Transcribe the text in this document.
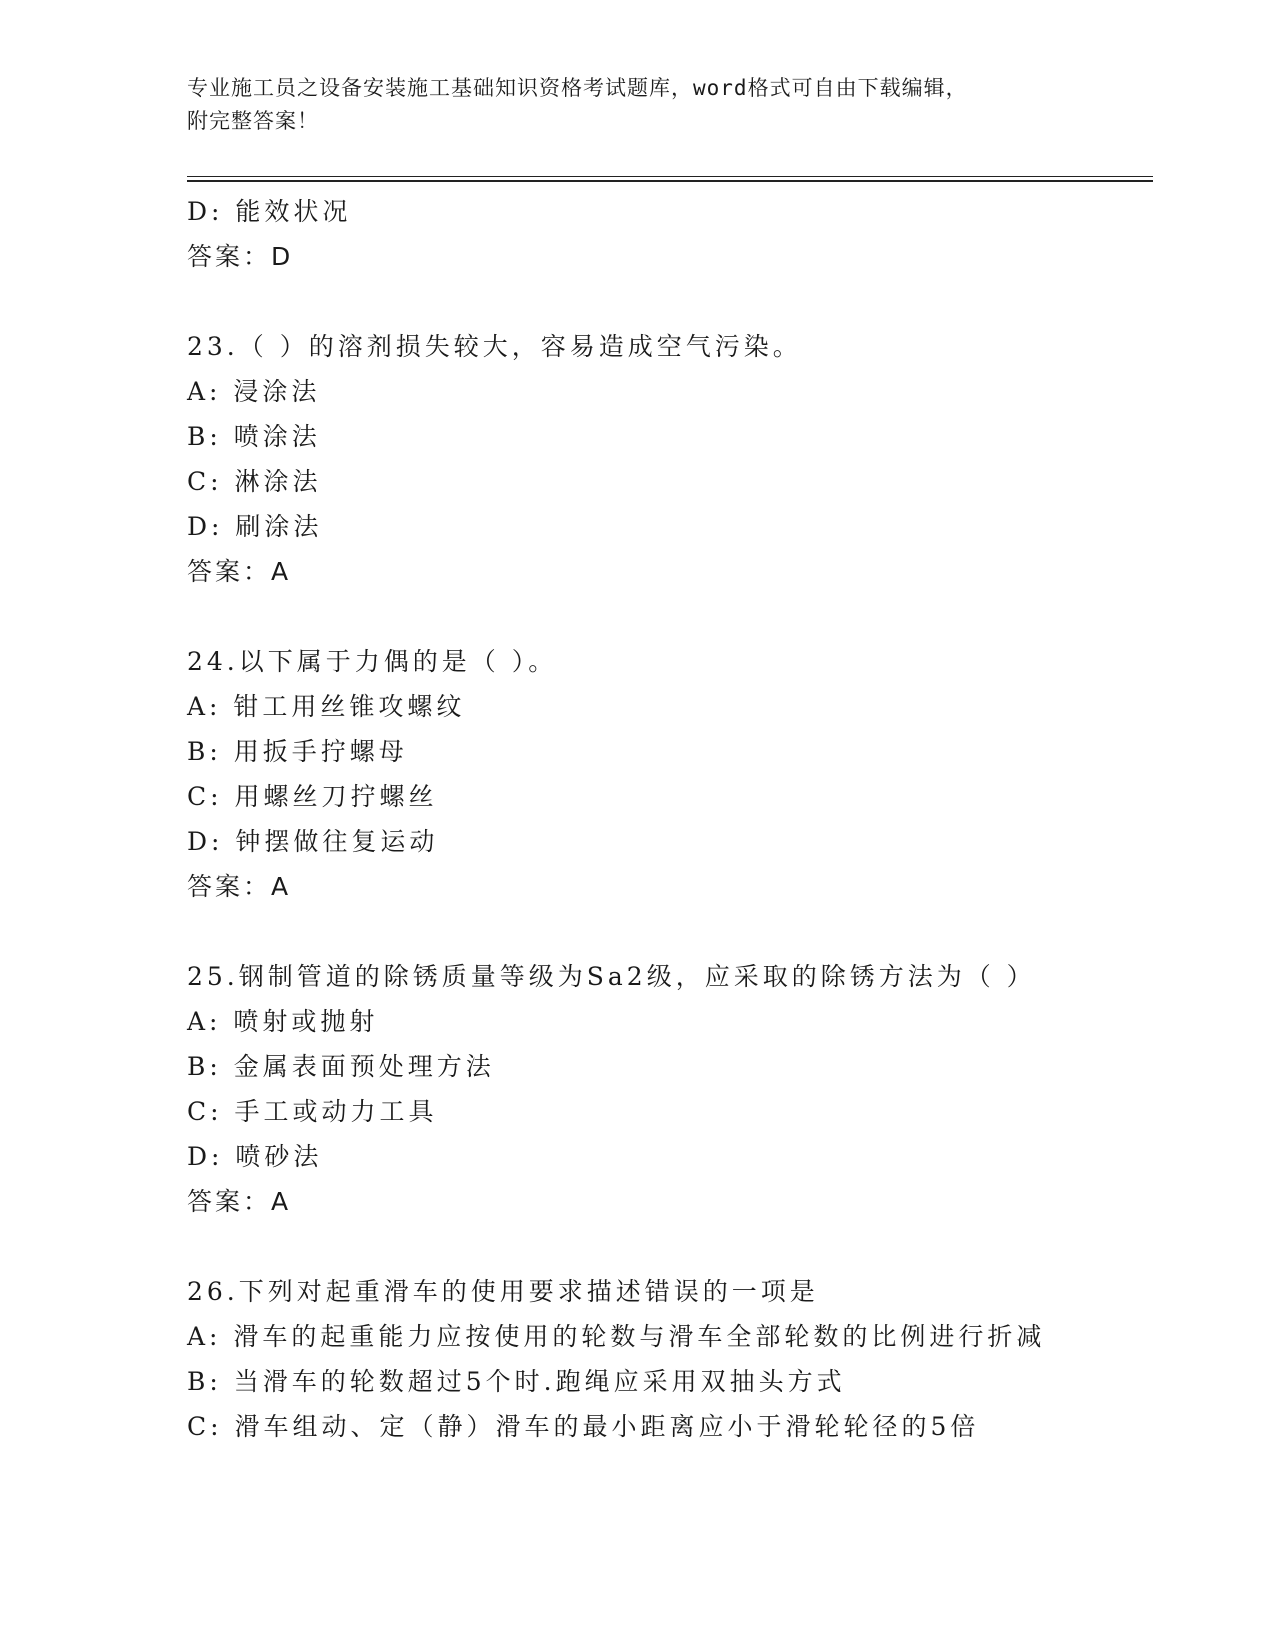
专业施工员之设备安装施工基础知识资格考试题库，word格式可自由下载编辑，
附完整答案！
D: 能效状况
答案：D
23.（ ）的溶剂损失较大，容易造成空气污染。
A: 浸涂法
B: 喷涂法
C: 淋涂法
D: 刷涂法
答案：A
24.以下属于力偶的是（ ）。
A: 钳工用丝锥攻螺纹
B: 用扳手拧螺母
C: 用螺丝刀拧螺丝
D: 钟摆做往复运动
答案：A
25.钢制管道的除锈质量等级为Sa2级，应采取的除锈方法为（ ）
A: 喷射或抛射
B: 金属表面预处理方法
C: 手工或动力工具
D: 喷砂法
答案：A
26.下列对起重滑车的使用要求描述错误的一项是
A: 滑车的起重能力应按使用的轮数与滑车全部轮数的比例进行折减
B: 当滑车的轮数超过5个时.跑绳应采用双抽头方式
C: 滑车组动、定（静）滑车的最小距离应小于滑轮轮径的5倍
